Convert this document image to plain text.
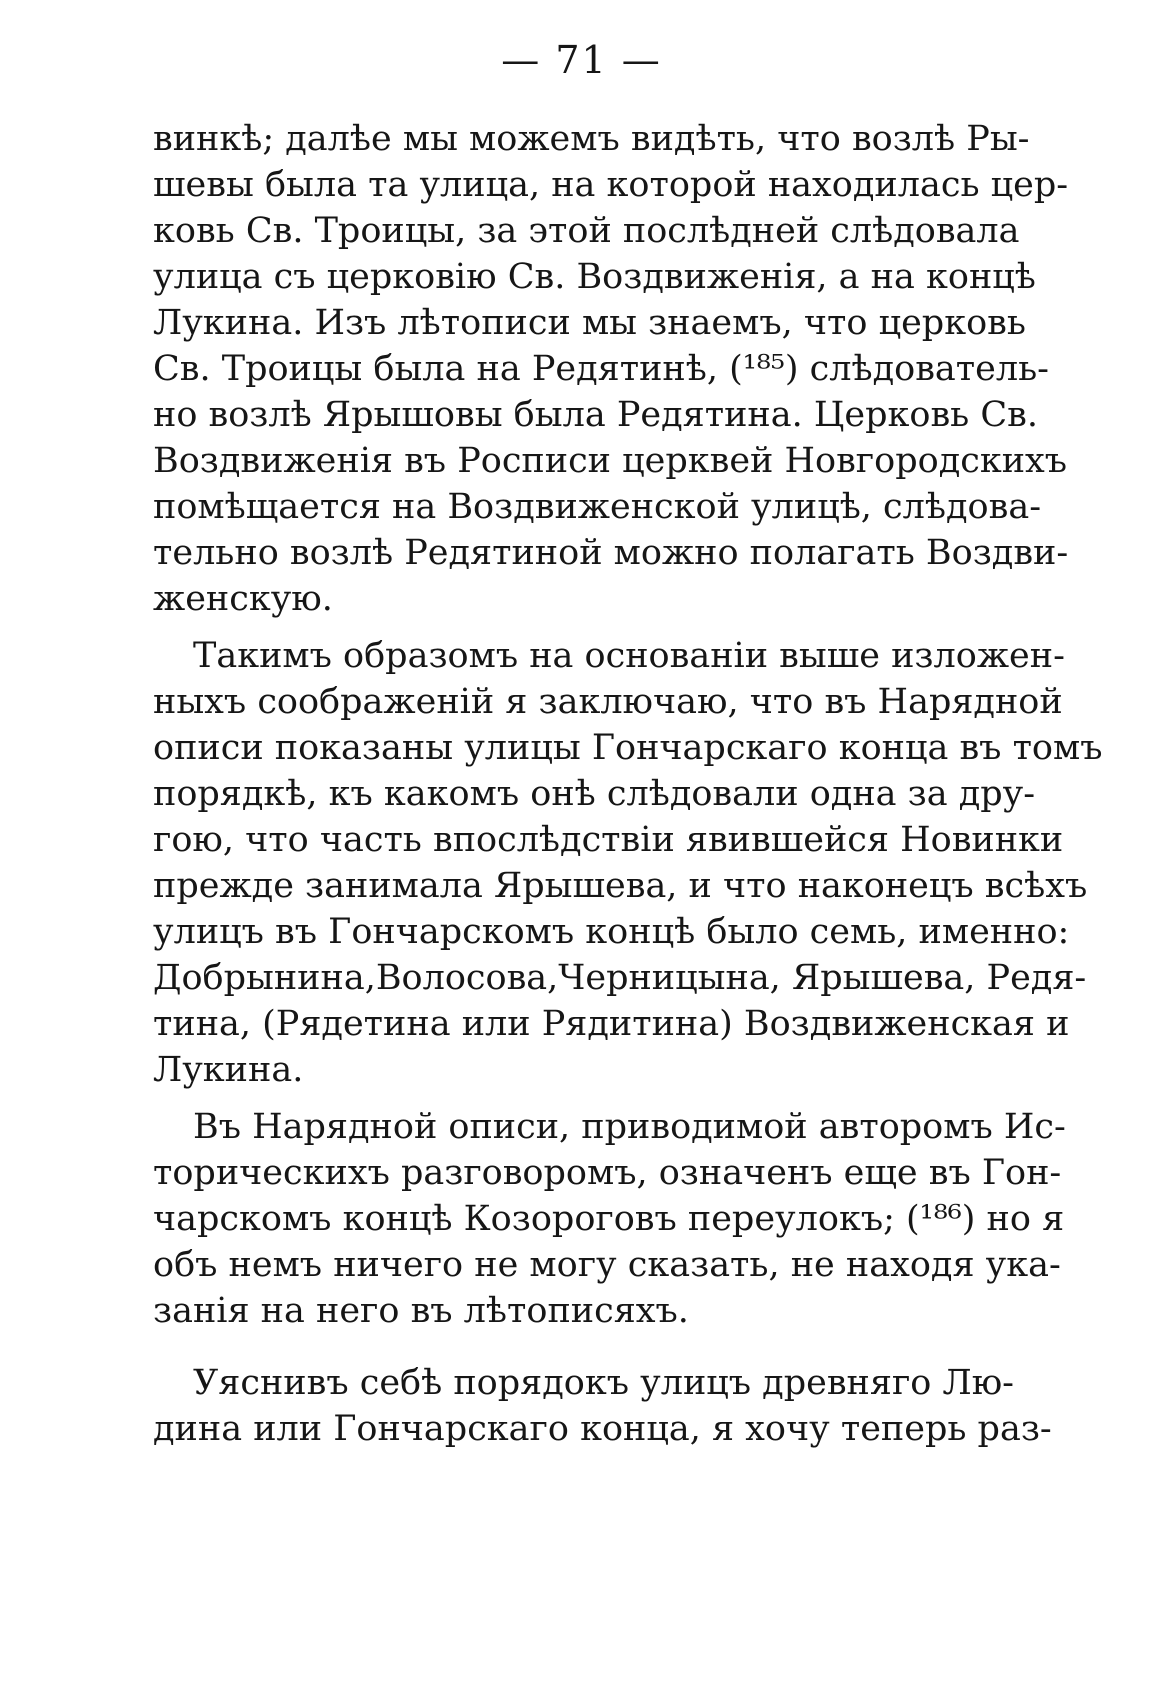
— 71 —
винкѣ; далѣе мы можемъ видѣть, что возлѣ Ры-
шевы была та улица, на которой находилась цер-
ковь Св. Троицы, за этой послѣдней слѣдовала
улица съ церковію Св. Воздвиженія, а на концѣ
Лукина. Изъ лѣтописи мы знаемъ, что церковь
Св. Троицы была на Редятинѣ, (¹⁸⁵) слѣдователь-
но возлѣ Ярышовы была Редятина. Церковь Св.
Воздвиженія въ Росписи церквей Новгородскихъ
помѣщается на Воздвиженской улицѣ, слѣдова-
тельно возлѣ Редятиной можно полагать Воздви-
женскую.
Такимъ образомъ на основаніи выше изложен-
ныхъ соображеній я заключаю, что въ Нарядной
описи показаны улицы Гончарскаго конца въ томъ
порядкѣ, къ какомъ онѣ слѣдовали одна за дру-
гою, что часть впослѣдствіи явившейся Новинки
прежде занимала Ярышева, и что наконецъ всѣхъ
улицъ въ Гончарскомъ концѣ было семь, именно:
Добрынина,Волосова,Черницына, Ярышева, Редя-
тина, (Рядетина или Рядитина) Воздвиженская и
Лукина.
Въ Нарядной описи, приводимой авторомъ Ис-
торическихъ разговоромъ, означенъ еще въ Гон-
чарскомъ концѣ Козороговъ переулокъ; (¹⁸⁶) но я
объ немъ ничего не могу сказать, не находя ука-
занія на него въ лѣтописяхъ.
Уяснивъ себѣ порядокъ улицъ древняго Лю-
дина или Гончарскаго конца, я хочу теперь раз-
